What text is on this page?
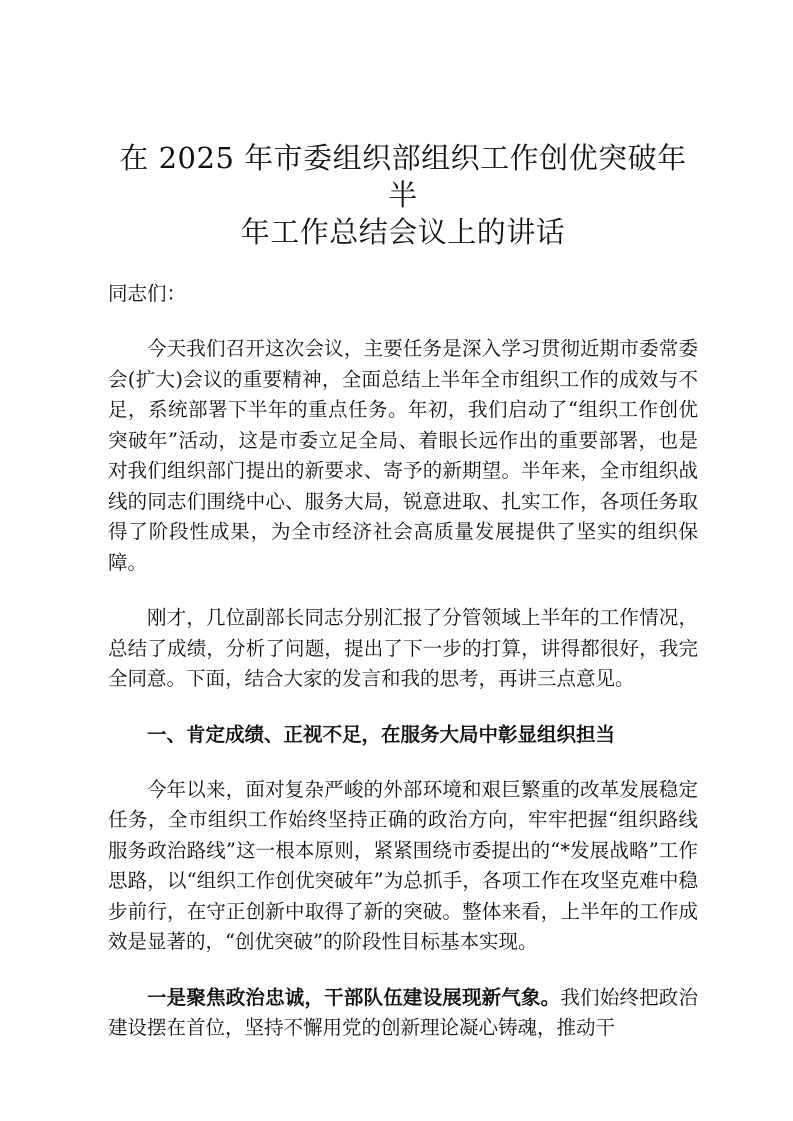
在 2025 年市委组织部组织工作创优突破年半
年工作总结会议上的讲话

同志们：

今天我们召开这次会议，主要任务是深入学习贯彻近期市委常委会(扩大)会议的重要精神，全面总结上半年全市组织工作的成效与不足，系统部署下半年的重点任务。年初，我们启动了“组织工作创优突破年”活动，这是市委立足全局、着眼长远作出的重要部署，也是对我们组织部门提出的新要求、寄予的新期望。半年来，全市组织战线的同志们围绕中心、服务大局，锐意进取、扎实工作，各项任务取得了阶段性成果，为全市经济社会高质量发展提供了坚实的组织保障。

刚才，几位副部长同志分别汇报了分管领域上半年的工作情况，总结了成绩，分析了问题，提出了下一步的打算，讲得都很好，我完全同意。下面，结合大家的发言和我的思考，再讲三点意见。

一、肯定成绩、正视不足，在服务大局中彰显组织担当

今年以来，面对复杂严峻的外部环境和艰巨繁重的改革发展稳定任务，全市组织工作始终坚持正确的政治方向，牢牢把握“组织路线服务政治路线”这一根本原则，紧紧围绕市委提出的“*发展战略”工作思路，以“组织工作创优突破年”为总抓手，各项工作在攻坚克难中稳步前行，在守正创新中取得了新的突破。整体来看，上半年的工作成效是显著的，“创优突破”的阶段性目标基本实现。

一是聚焦政治忠诚，干部队伍建设展现新气象。我们始终把政治建设摆在首位，坚持不懈用党的创新理论凝心铸魂，推动干
